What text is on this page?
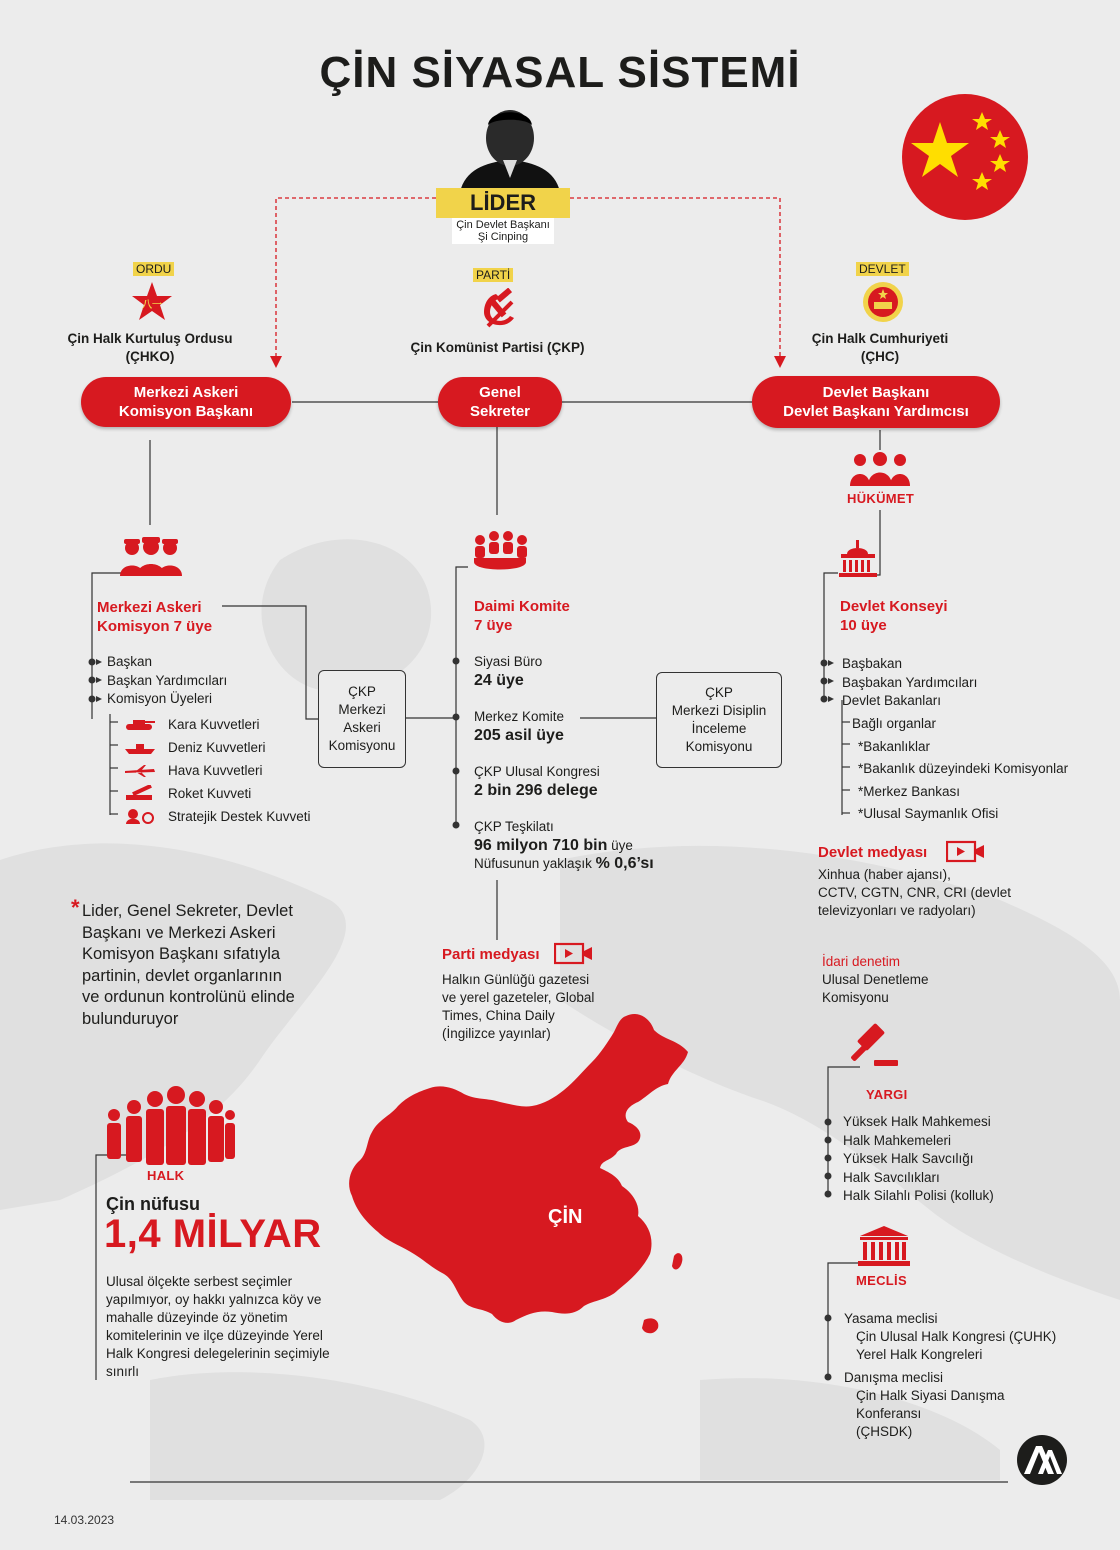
ÇİN SİYASAL SİSTEMİ
LİDER
Çin Devlet Başkanı
Şi Cinping
ORDU
八一
Çin Halk Kurtuluş Ordusu
(ÇHKO)
Merkezi Askeri
Komisyon Başkanı
PARTİ
Çin Komünist Partisi (ÇKP)
Genel
Sekreter
DEVLET
Çin Halk Cumhuriyeti
(ÇHC)
Devlet Başkanı
Devlet Başkanı Yardımcısı
Merkezi Askeri
Komisyon 7 üye
Başkan
Başkan Yardımcıları
Komisyon Üyeleri
Kara Kuvvetleri
Deniz Kuvvetleri
Hava Kuvvetleri
Roket Kuvveti
Stratejik Destek Kuvveti
ÇKP
Merkezi
Askeri
Komisyonu
Daimi Komite
7 üye
Siyasi Büro
24 üye
Merkez Komite
205 asil üye
ÇKP Ulusal Kongresi
2 bin 296 delege
ÇKP Teşkilatı
96 milyon 710 bin üye
Nüfusunun yaklaşık % 0,6’sı
ÇKP
Merkezi Disiplin
İnceleme
Komisyonu
Parti medyası
Halkın Günlüğü gazetesi
ve yerel gazeteler, Global
Times, China Daily
(İngilizce yayınlar)
HÜKÜMET
Devlet Konseyi
10 üye
Başbakan
Başbakan Yardımcıları
Devlet Bakanları
Bağlı organlar
*Bakanlıklar
*Bakanlık düzeyindeki Komisyonlar
*Merkez Bankası
*Ulusal Saymanlık Ofisi
Devlet medyası
Xinhua (haber ajansı),
CCTV, CGTN, CNR, CRI (devlet
televizyonları ve radyoları)
İdari denetim
Ulusal Denetleme
Komisyonu
YARGI
Yüksek Halk Mahkemesi
Halk Mahkemeleri
Yüksek Halk Savcılığı
Halk Savcılıkları
Halk Silahlı Polisi (kolluk)
MECLİS
Yasama meclisi
Çin Ulusal Halk Kongresi (ÇUHK)
Yerel Halk Kongreleri
Danışma meclisi
Çin Halk Siyasi Danışma
Konferansı
(ÇHSDK)
* Lider, Genel Sekreter, Devlet
Başkanı ve Merkezi Askeri
Komisyon Başkanı sıfatıyla
partinin, devlet organlarının
ve ordunun kontrolünü elinde
bulunduruyor
HALK
Çin nüfusu
1,4 MİLYAR
Ulusal ölçekte serbest seçimler
yapılmıyor, oy hakkı yalnızca köy ve
mahalle düzeyinde öz yönetim
komitelerinin ve ilçe düzeyinde Yerel
Halk Kongresi delegelerinin seçimiyle
sınırlı
ÇİN
14.03.2023
